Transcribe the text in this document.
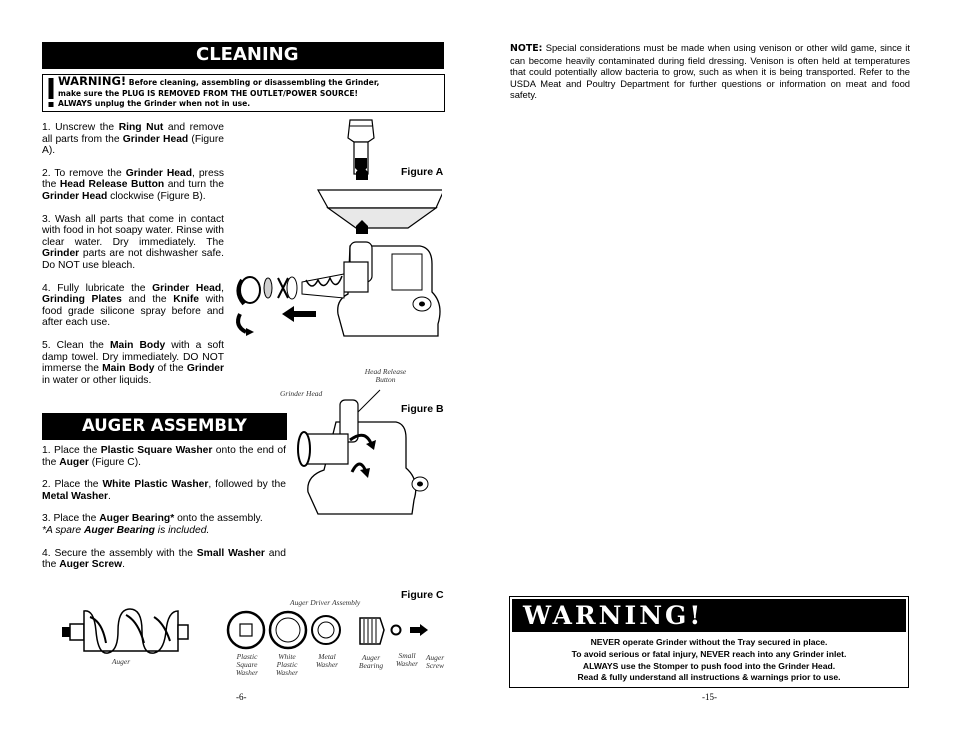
CLEANING
WARNING! Before cleaning, assembling or disassembling the Grinder,
make sure the PLUG IS REMOVED FROM THE OUTLET/POWER SOURCE!
ALWAYS unplug the Grinder when not in use.

1. Unscrew the Ring Nut and remove all parts from the Grinder Head (Figure A).

2. To remove the Grinder Head, press the Head Release Button and turn the Grinder Head clockwise (Figure B).

3. Wash all parts that come in contact with food in hot soapy water. Rinse with clear water. Dry immediately. The Grinder parts are not dishwasher safe. Do NOT use bleach.

4. Fully lubricate the Grinder Head, Grinding Plates and the Knife with food grade silicone spray before and after each use.

5. Clean the Main Body with a soft damp towel. Dry immediately. DO NOT immerse the Main Body of the Grinder in water or other liquids.

Figure A
Head Release Button
Grinder Head
Figure B
AUGER ASSEMBLY

1. Place the Plastic Square Washer onto the end of the Auger (Figure C).

2. Place the White Plastic Washer, followed by the Metal Washer.

3. Place the Auger Bearing* onto the assembly.

*A spare Auger Bearing is included.

4. Secure the assembly with the Small Washer and the Auger Screw.

Figure C
Auger Driver Assembly
Auger
Plastic Square Washer
White Plastic Washer
Metal Washer
Auger Bearing
Small Washer
Auger Screw
-6-
NOTE: Special considerations must be made when using venison or other wild game, since it can become heavily contaminated during field dressing. Venison is often held at temperatures that could potentially allow bacteria to grow, such as when it is being transported. Refer to the USDA Meat and Poultry Department for further questions or information on meat and food safety.
WARNING!
NEVER operate Grinder without the Tray secured in place.
To avoid serious or fatal injury, NEVER reach into any Grinder inlet.
ALWAYS use the Stomper to push food into the Grinder Head.
Read & fully understand all instructions & warnings prior to use.
-15-
